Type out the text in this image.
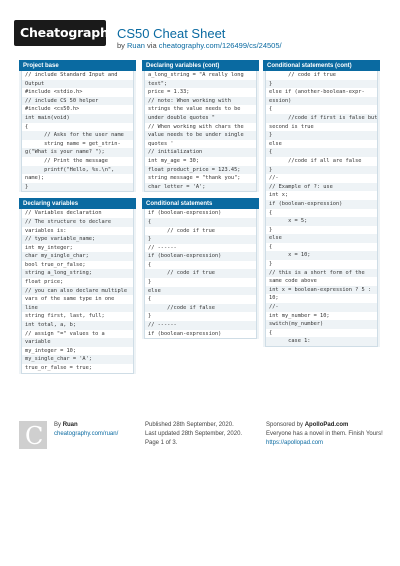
Cheatography CS50 Cheat Sheet
by Ruan via cheatography.com/126499/cs/24505/
Project base
// include Standard Input and
Output
#include <stdio.h>
// include CS 50 helper
#include <cs50.h>
int main(void)
{
// Asks for the user name
string name = get_strin-
g("What is your name? ");
// Print the message
printf("Hello, %s.\n",
name);
}
Declaring variables
// Variables declaration
// The structure to declare
variables is:
// type variable_name;
int my_integer;
char my_single_char;
bool true_or_false;
string a_long_string;
float price;
// you can also declare multiple
vars of the same type in one
line
string first, last, full;
int total, a, b;
// assign "=" values to a
variable
my_integer = 10;
my_single_char = 'A';
true_or_false = true;
Declaring variables (cont)
a_long_string = "A really long
text";
price = 1.33;
// note: When working with
strings the value needs to be
under double quotes "
// When working with chars the
value needs to be under single
quotes '
// initialization
int my_age = 30;
float product_price = 123.45;
string message = "thank you";
char letter = 'A';
Conditional statements
if (boolean-expression)
{
// code if true
}
// ------
if (boolean-expression)
{
// code if true
}
else
{
//code if false
}
// ------
if (boolean-expression)
Conditional statements (cont)
// code if true
}
else if (another-boolean-expr-
ession)
{
//code if first is false but
second is true
}
else
{
//code if all are false
}
//-
// Example of ?: use
int x;
if (boolean-expression)
{
x = 5;
}
else
{
x = 10;
}
// this is a short form of the
same code above
int x = boolean-expression ? 5 :
10;
//-
int my_number = 10;
switch(my_number)
{
case 1:
C By Ruan
cheatography.com/ruan/
Published 28th September, 2020.
Last updated 28th September, 2020.
Page 1 of 3.
Sponsored by ApolloPad.com
Everyone has a novel in them. Finish Yours!
https://apollopad.com
